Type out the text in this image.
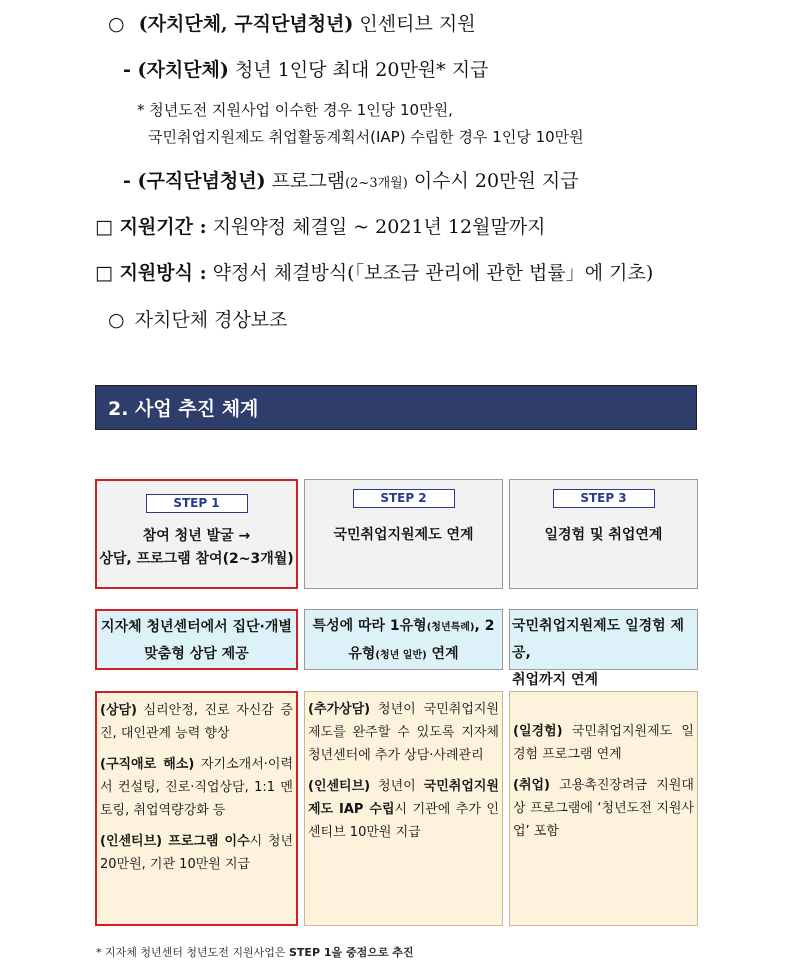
○ (자치단체, 구직단념청년) 인센티브 지원
- (자치단체) 청년 1인당 최대 20만원* 지급
* 청년도전 지원사업 이수한 경우 1인당 10만원,
국민취업지원제도 취업활동계획서(IAP) 수립한 경우 1인당 10만원
- (구직단념청년) 프로그램(2~3개월) 이수시 20만원 지급
□ 지원기간 : 지원약정 체결일 ~ 2021년 12월말까지
□ 지원방식 : 약정서 체결방식(「보조금 관리에 관한 법률」에 기초)
○ 자치단체 경상보조
2. 사업 추진 체계
STEP 1
참여 청년 발굴 →
상담, 프로그램 참여(2~3개월)
STEP 2
국민취업지원제도 연계
STEP 3
일경험 및 취업연계
지자체 청년센터에서 집단·개별
맞춤형 상담 제공
특성에 따라 1유형(청년특례), 2
유형(청년 일반) 연계
국민취업지원제도 일경험 제공,
취업까지 연계

(상담) 심리안정, 진로 자신감 증진, 대인관계 능력 향상

(구직애로 해소) 자기소개서·이력서 컨설팅, 진로·직업상담, 1:1 멘토링, 취업역량강화 등

(인센티브) 프로그램 이수시 청년 20만원, 기관 10만원 지급

(추가상담) 청년이 국민취업지원제도를 완주할 수 있도록 지자체 청년센터에 추가 상담·사례관리

(인센티브) 청년이 국민취업지원제도 IAP 수립시 기관에 추가 인센티브 10만원 지급

(일경험) 국민취업지원제도 일경험 프로그램 연계

(취업) 고용촉진장려금 지원대상 프로그램에 ‘청년도전 지원사업’ 포함

* 지자체 청년센터 청년도전 지원사업은 STEP 1을 중점으로 추진
